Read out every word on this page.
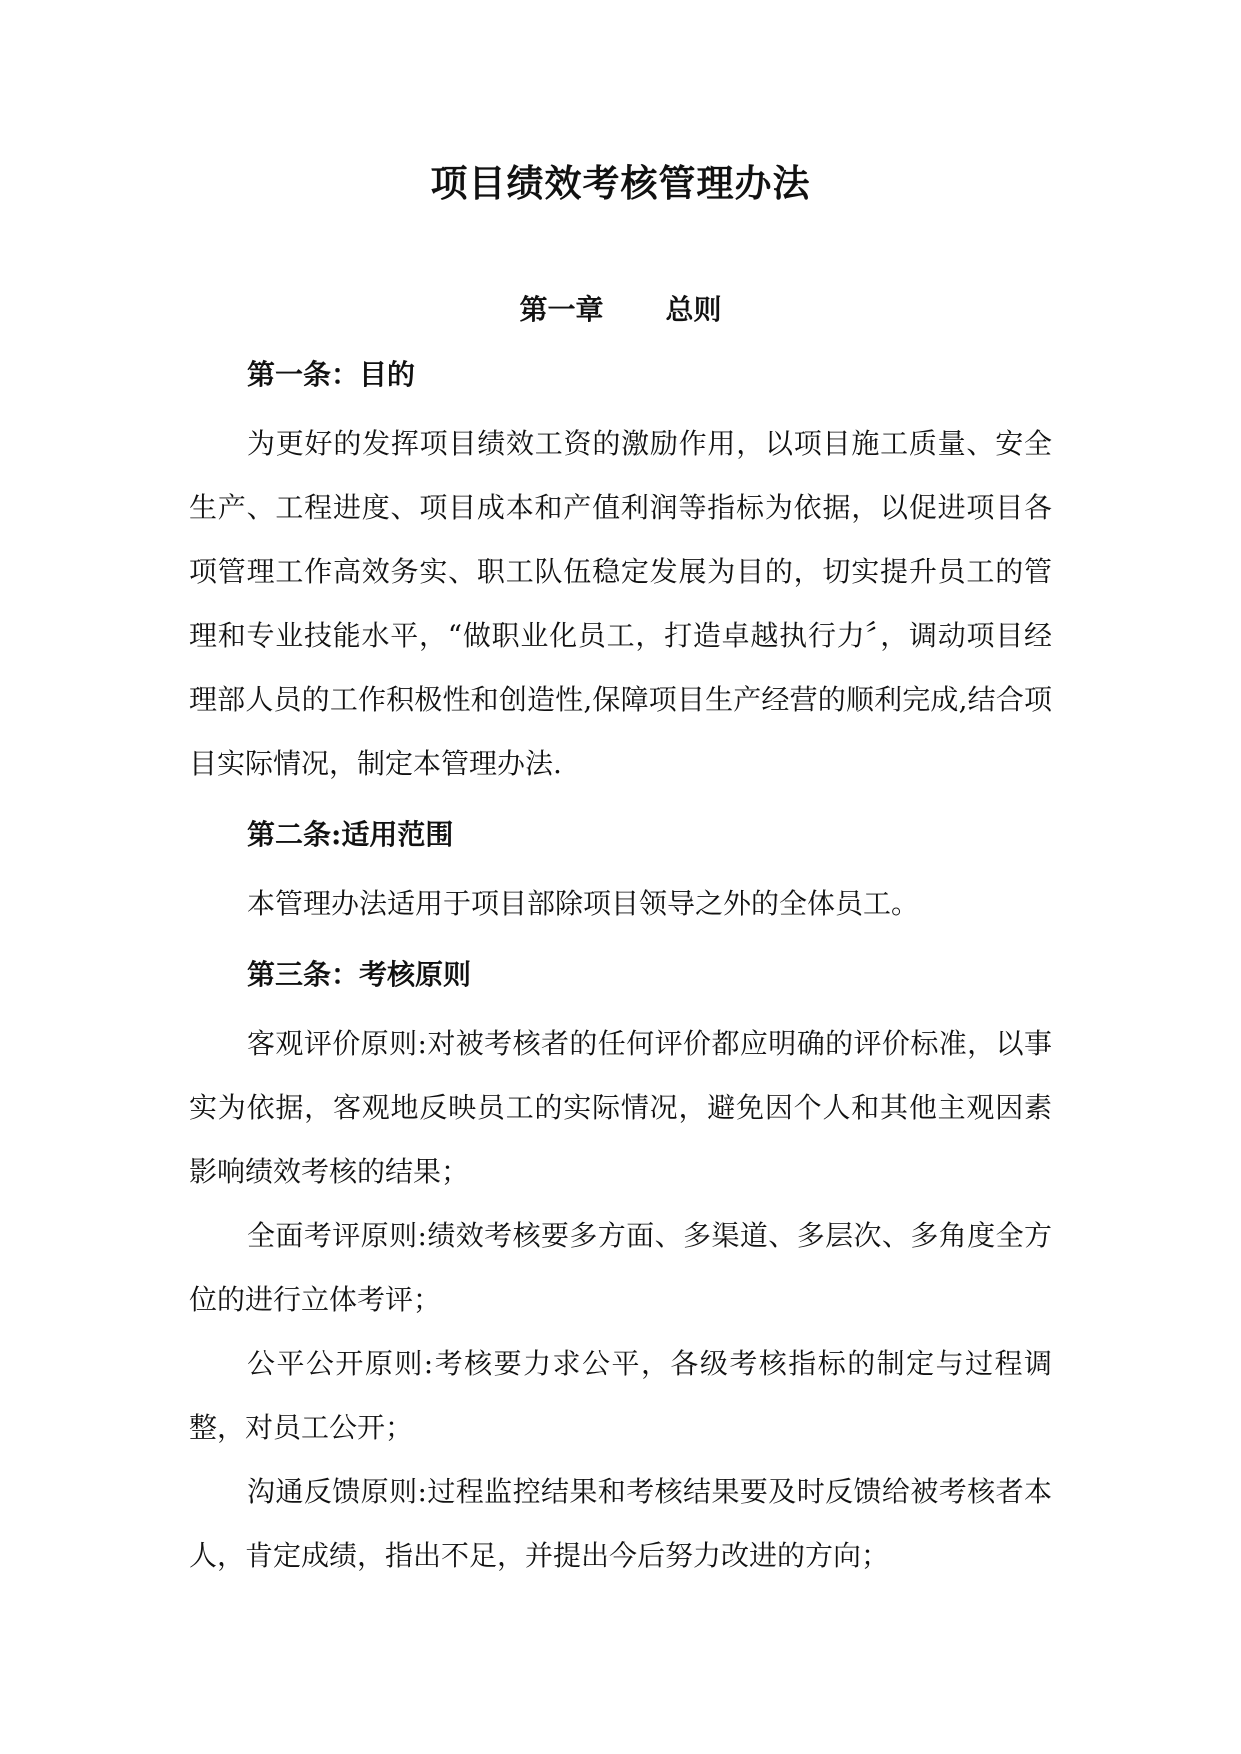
项目绩效考核管理办法
第一章 总则

第一条：目的

为更好的发挥项目绩效工资的激励作用，以项目施工质量、安全生产、工程进度、项目成本和产值利润等指标为依据，以促进项目各项管理工作高效务实、职工队伍稳定发展为目的，切实提升员工的管理和专业技能水平，“做职业化员工，打造卓越执行力〞，调动项目经理部人员的工作积极性和创造性,保障项目生产经营的顺利完成,结合项目实际情况，制定本管理办法.

第二条:适用范围

本管理办法适用于项目部除项目领导之外的全体员工。

第三条：考核原则

客观评价原则:对被考核者的任何评价都应明确的评价标准，以事实为依据，客观地反映员工的实际情况，避免因个人和其他主观因素影响绩效考核的结果；

全面考评原则:绩效考核要多方面、多渠道、多层次、多角度全方位的进行立体考评；

公平公开原则:考核要力求公平，各级考核指标的制定与过程调整，对员工公开；

沟通反馈原则:过程监控结果和考核结果要及时反馈给被考核者本人，肯定成绩，指出不足，并提出今后努力改进的方向；
